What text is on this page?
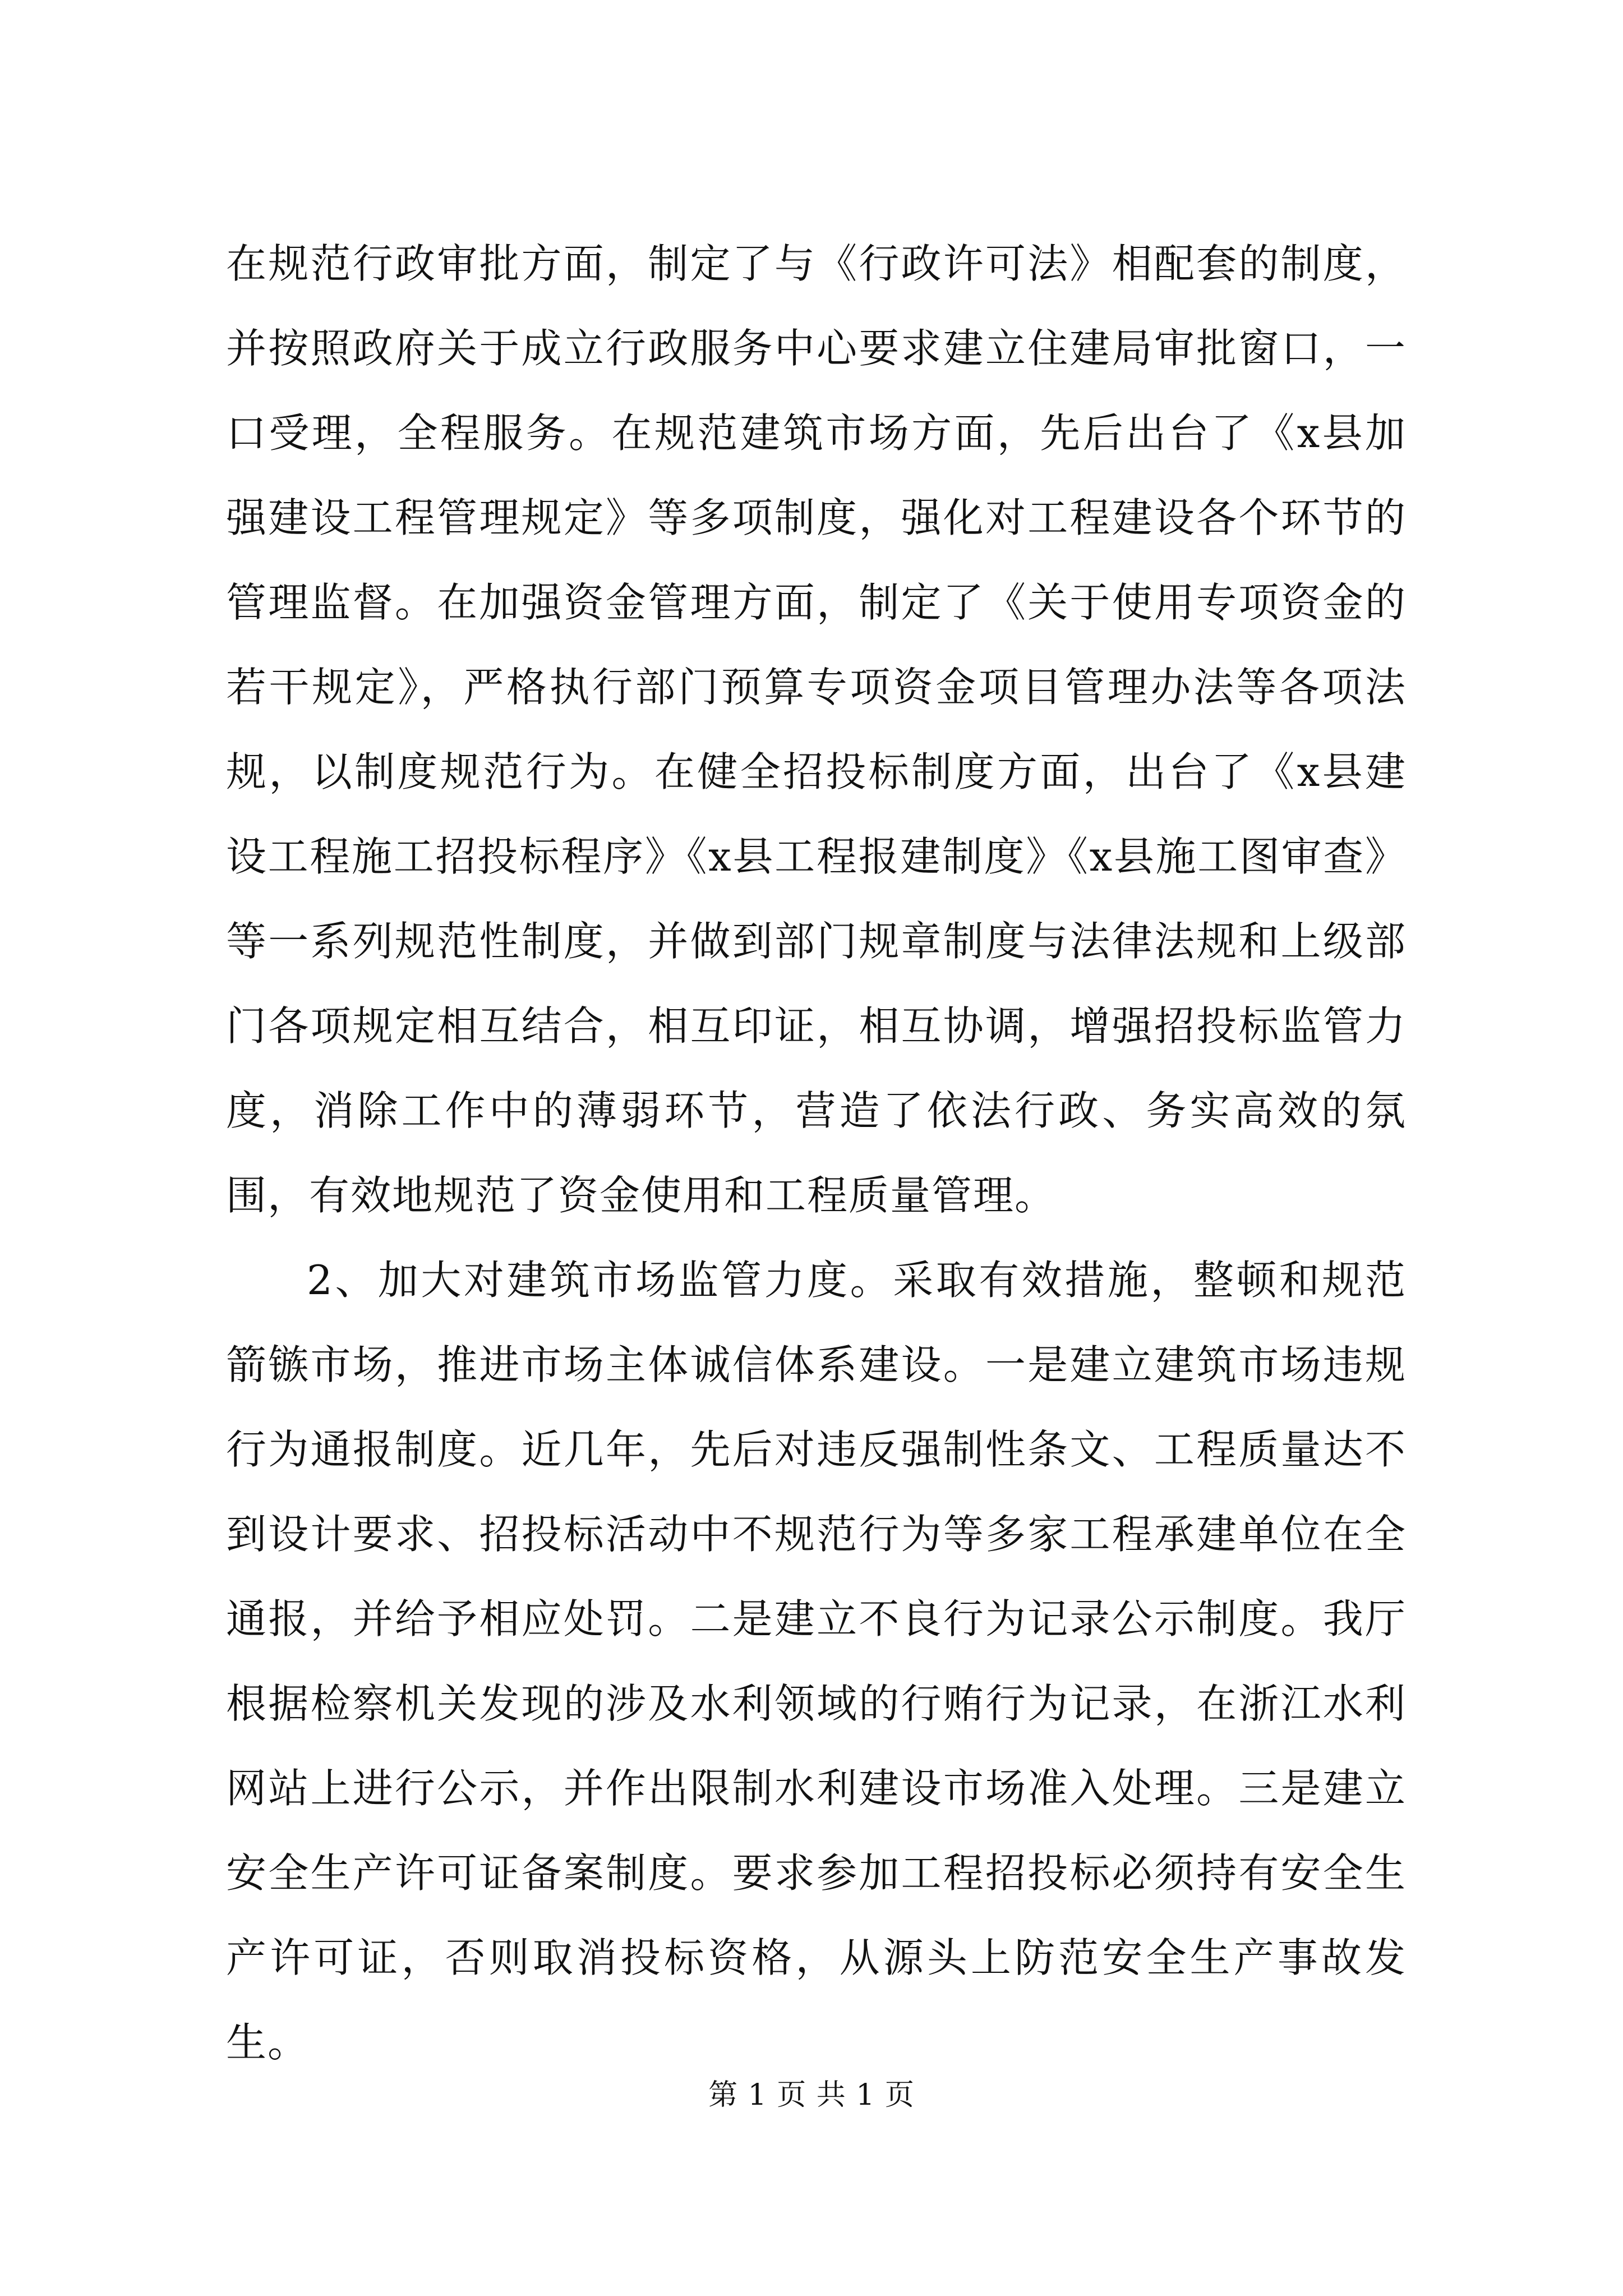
在规范行政审批方面，制定了与《行政许可法》相配套的制度，并按照政府关于成立行政服务中心要求建立住建局审批窗口，一口受理，全程服务。在规范建筑市场方面，先后出台了《x县加强建设工程管理规定》等多项制度，强化对工程建设各个环节的管理监督。在加强资金管理方面，制定了《关于使用专项资金的若干规定》，严格执行部门预算专项资金项目管理办法等各项法规，以制度规范行为。在健全招投标制度方面，出台了《x县建设工程施工招投标程序》《x县工程报建制度》《x县施工图审查》等一系列规范性制度，并做到部门规章制度与法律法规和上级部门各项规定相互结合，相互印证，相互协调，增强招投标监管力度，消除工作中的薄弱环节，营造了依法行政、务实高效的氛围，有效地规范了资金使用和工程质量管理。

2、加大对建筑市场监管力度。采取有效措施，整顿和规范箭镞市场，推进市场主体诚信体系建设。一是建立建筑市场违规行为通报制度。近几年，先后对违反强制性条文、工程质量达不到设计要求、招投标活动中不规范行为等多家工程承建单位在全通报，并给予相应处罚。二是建立不良行为记录公示制度。我厅根据检察机关发现的涉及水利领域的行贿行为记录，在浙江水利网站上进行公示，并作出限制水利建设市场准入处理。三是建立安全生产许可证备案制度。要求参加工程招投标必须持有安全生产许可证，否则取消投标资格，从源头上防范安全生产事故发生。

第 1 页 共 1 页
